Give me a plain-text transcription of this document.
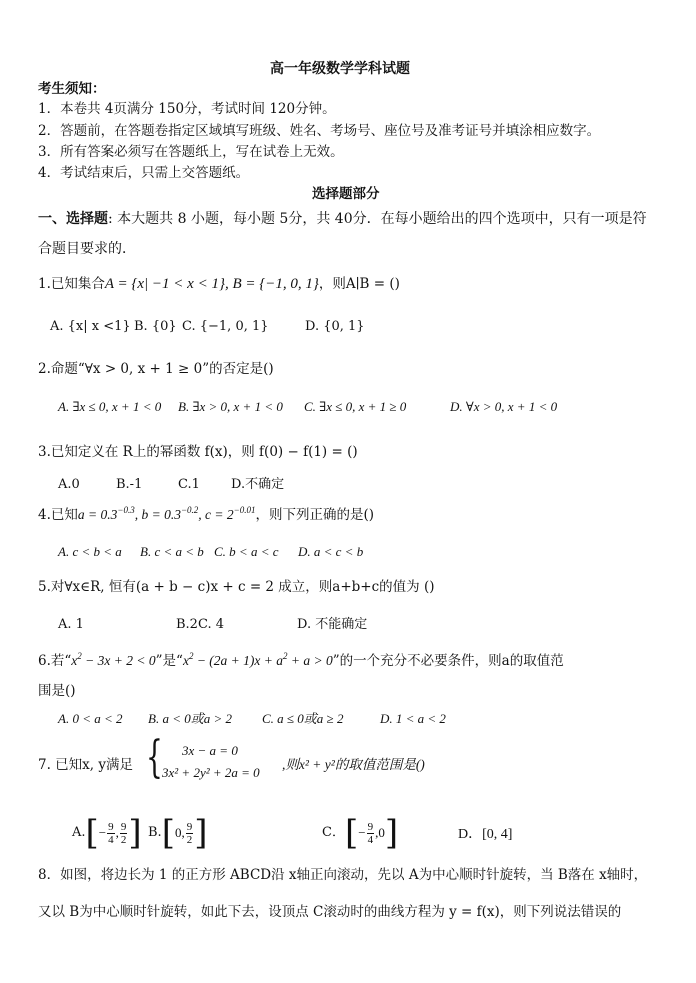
高一年级数学学科试题
考生须知：
1．本卷共 4页满分 150分，考试时间 120分钟。
2．答题前，在答题卷指定区域填写班级、姓名、考场号、座位号及准考证号并填涂相应数字。
3．所有答案必须写在答题纸上，写在试卷上无效。
4．考试结束后，只需上交答题纸。
选择题部分
一、选择题: 本大题共 8 小题，每小题 5分，共 40分．在每小题给出的四个选项中，只有一项是符
合题目要求的．
1.已知集合A = {x| −1 < x < 1}, B = {−1, 0, 1}，则A∣B = ()
A. {x| x <1} B. {0} C. {−1, 0, 1}	D. {0, 1}
2.命题“∀x > 0, x + 1 ≥ 0”的否定是()
A. ∃x ≤ 0, x + 1 < 0 B. ∃x > 0, x + 1 < 0 C. ∃x ≤ 0, x + 1 ≥ 0	D. ∀x > 0, x + 1 < 0
3.已知定义在 R上的幂函数 f(x)，则 f(0) − f(1) = ()
A.0	B.-1	C.1 D.不确定
4.已知$a = 0.3^{-0.3}$, $b = 0.3^{-0.2}$, $c = 2^{-0.01}$，则下列正确的是()
A. c < b < a B. c < a < b C. b < a < c D. a < c < b
5.对∀x∈R, 恒有(a + b − c)x + c = 2 成立，则a+b+c的值为 ()
A. 1	B.2C. 4	D. 不能确定
6.若“$x^2 - 3x + 2 < 0$”是“$x^2 - (2a + 1)x + a^2 + a > 0$”的一个充分不必要条件，则a的取值范
围是()
A. 0 < a < 2 B. a < 0或a > 2 C. a ≤ 0或a ≥ 2	D. 1 < a < 2
7. 已知x, y满足 { 3x − a = 0
3x² + 2y² + 2a = 0
,则x² + y²的取值范围是()
$A.[- \frac{9}{4}$ , $\frac{9}{2}$ ] B.[0, $\frac{9}{2}$ ]	C．[− $\frac{9}{4} ,0$]	D．[0, 4]
8．如图，将边长为 1 的正方形 ABCD沿 x轴正向滚动，先以 A为中心顺时针旋转，当 B落在 x轴时，
又以 B为中心顺时针旋转，如此下去，设顶点 C滚动时的曲线方程为 y = f(x)，则下列说法错误的
